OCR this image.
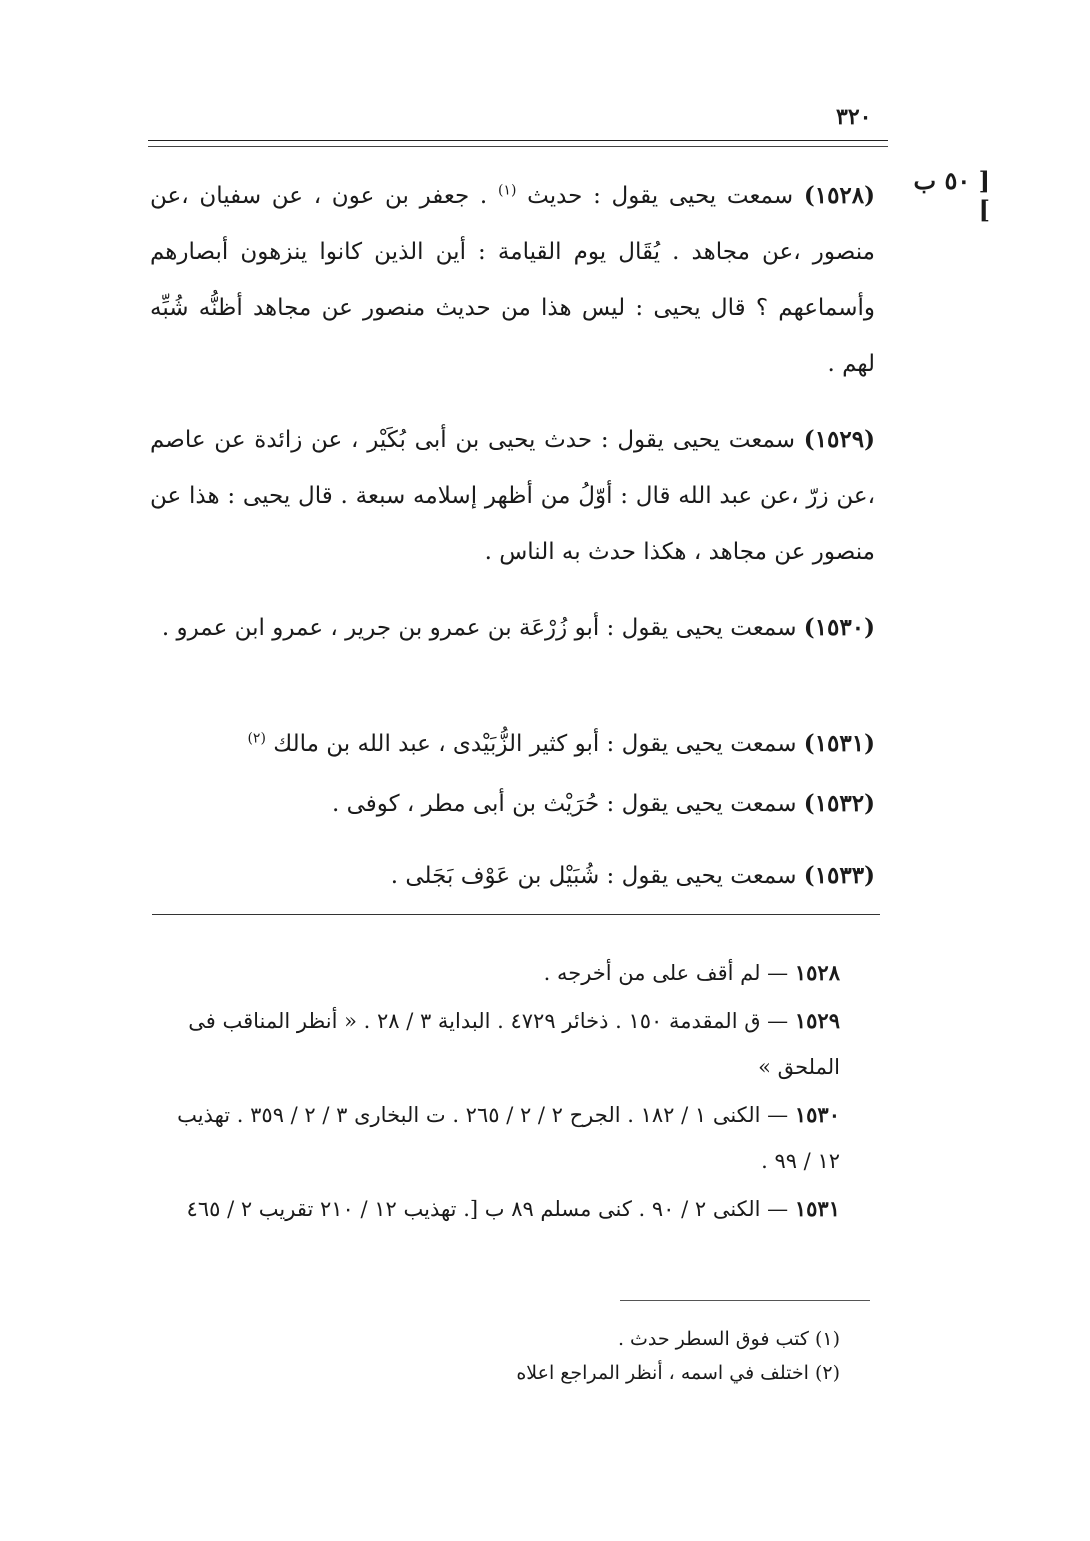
٣٢٠
[ ٥٠ ب ]

(١٥٢٨) سمعت يحيى يقول : حديث $^{(١)}$ . جعفر بن عون ، عن سفيان ،عن منصور ،عن مجاهد . يُقَال يوم القيامة : أين الذين كانوا ينزهون أبصارهم وأسماعهم ؟ قال يحيى : ليس هذا من حديث منصور عن مجاهد أظنُّه شُبِّه لهم .

(١٥٢٩) سمعت يحيى يقول : حدث يحيى بن أبى بُكَيْر ، عن زائدة عن عاصم ،عن زرّ ،عن عبد الله قال : أوّلُ من أظهر إسلامه سبعة . قال يحيى : هذا عن منصور عن مجاهد ، هكذا حدث به الناس .

(١٥٣٠) سمعت يحيى يقول : أبو زُرْعَة بن عمرو بن جرير ، عمرو ابن عمرو .

(١٥٣١) سمعت يحيى يقول : أبو كثير الزُّبَيْدى ، عبد الله بن مالك $^{(٢)}$

(١٥٣٢) سمعت يحيى يقول : حُرَيْث بن أبى مطر ، كوفى .

(١٥٣٣) سمعت يحيى يقول : شُبَيْل بن عَوْف بَجَلى .

١٥٢٨ — لم أقف على من أخرجه .

١٥٢٩ — ق المقدمة ١٥٠ . ذخائر ٤٧٢٩ . البداية ٣ / ٢٨ . « أنظر المناقب فى الملحق »

١٥٣٠ — الكنى ١ / ١٨٢ . الجرح ٢ / ٢ / ٢٦٥ . ت البخارى ٣ / ٢ / ٣٥٩ . تهذيب ١٢ / ٩٩ .

١٥٣١ — الكنى ٢ / ٩٠ . كنى مسلم ٨٩ ب [. تهذيب ١٢ / ٢١٠ تقريب ٢ / ٤٦٥

(١) كتب فوق السطر حدث .

(٢) اختلف في اسمه ، أنظر المراجع اعلاه
